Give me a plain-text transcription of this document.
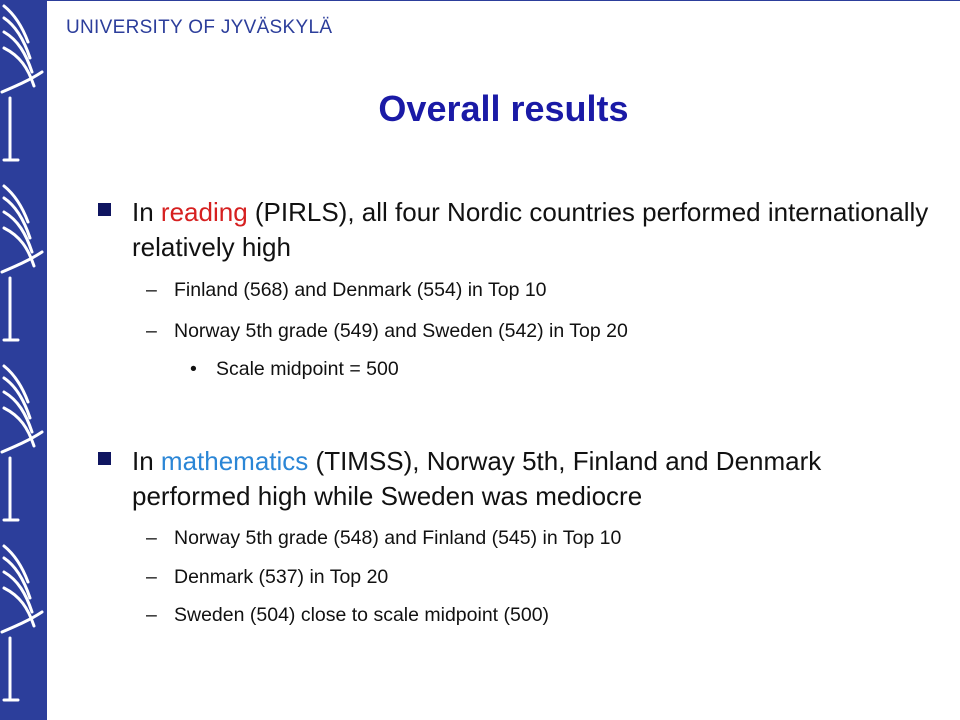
UNIVERSITY OF JYVÄSKYLÄ
Overall results
In reading (PIRLS), all four Nordic countries performed internationally relatively high
– Finland (568) and Denmark (554) in Top 10
– Norway 5th grade (549) and Sweden (542) in Top 20
• Scale midpoint = 500
In mathematics (TIMSS), Norway 5th, Finland and Denmark performed high while Sweden was mediocre
– Norway 5th grade (548) and Finland (545) in Top 10
– Denmark (537) in Top 20
– Sweden (504) close to scale midpoint (500)
